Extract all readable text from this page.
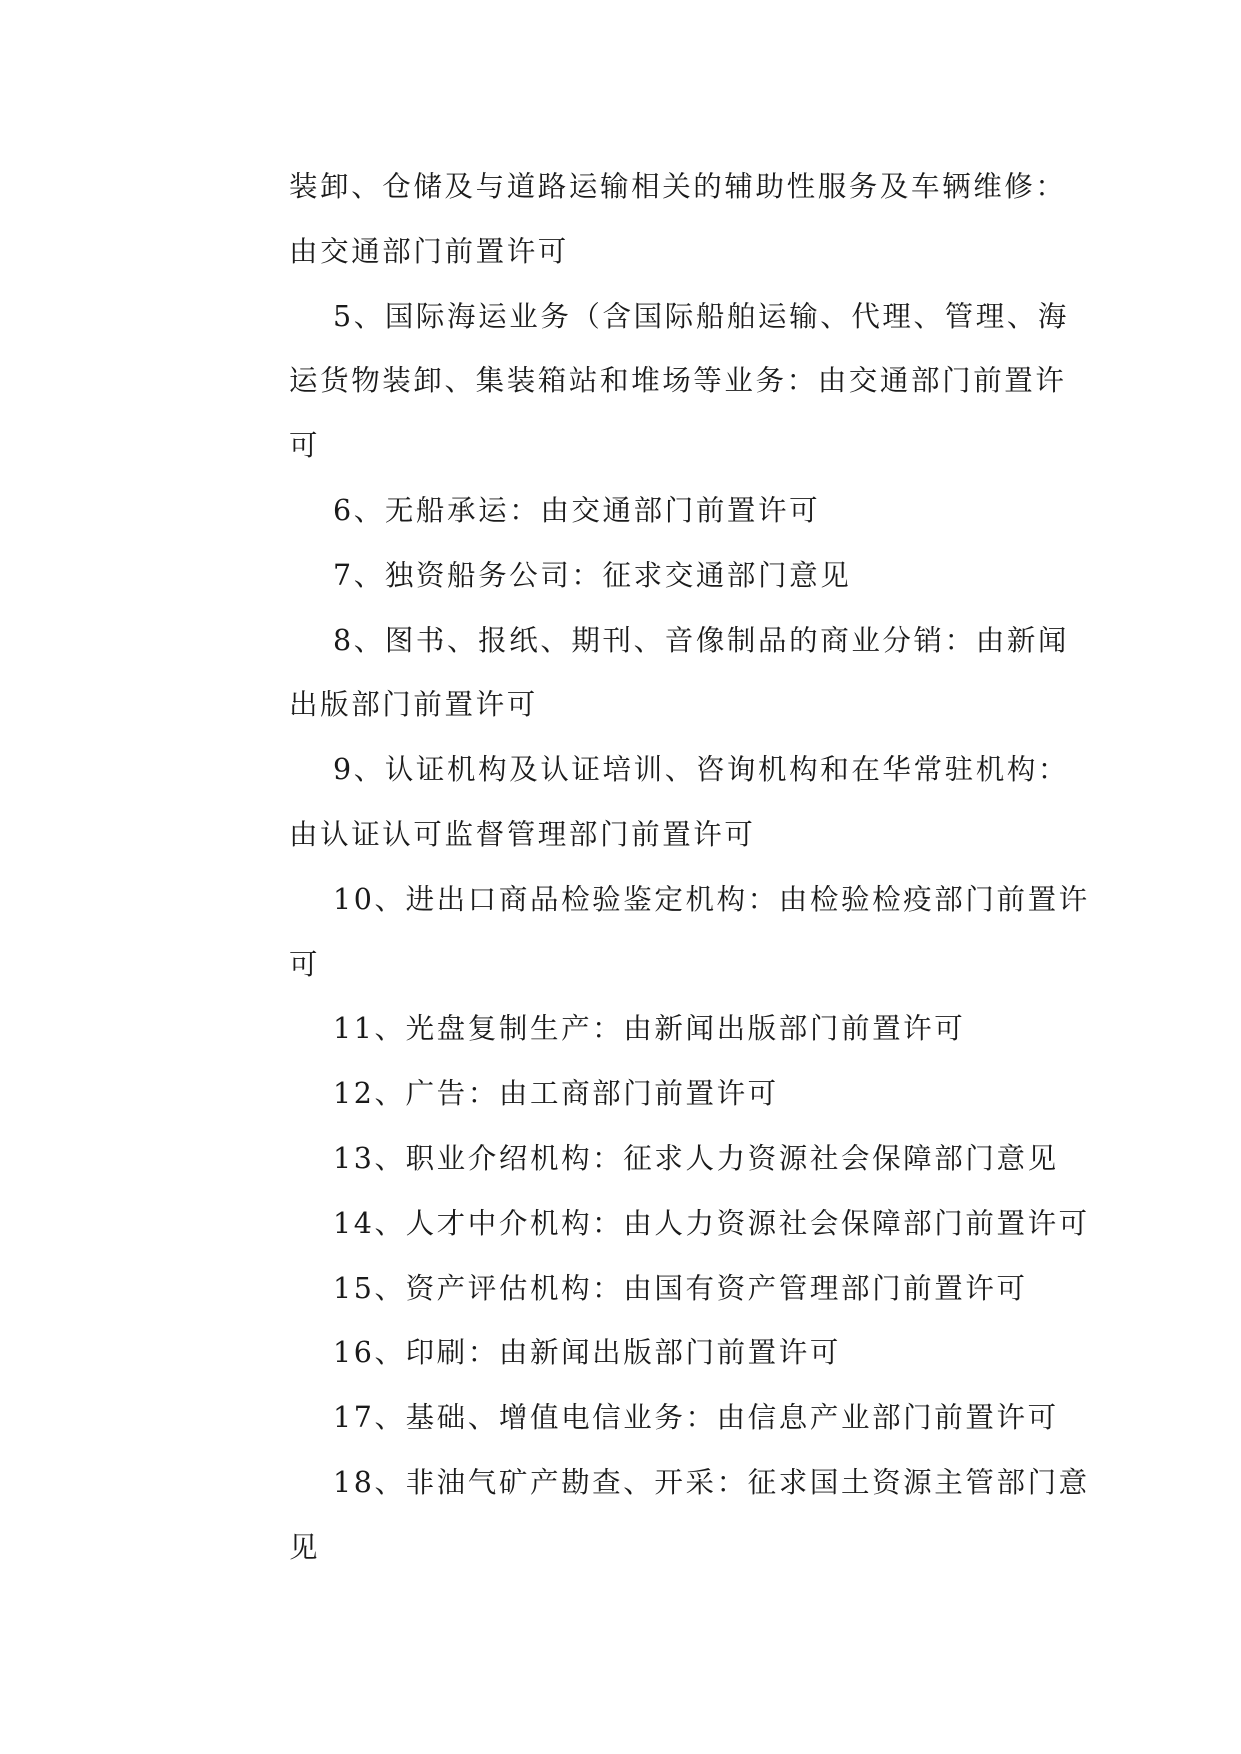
装卸、仓储及与道路运输相关的辅助性服务及车辆维修：
由交通部门前置许可

5、国际海运业务（含国际船舶运输、代理、管理、海
运货物装卸、集装箱站和堆场等业务：由交通部门前置许
可

6、无船承运：由交通部门前置许可

7、独资船务公司：征求交通部门意见

8、图书、报纸、期刊、音像制品的商业分销：由新闻
出版部门前置许可

9、认证机构及认证培训、咨询机构和在华常驻机构：
由认证认可监督管理部门前置许可

10、进出口商品检验鉴定机构：由检验检疫部门前置许
可

11、光盘复制生产：由新闻出版部门前置许可

12、广告：由工商部门前置许可

13、职业介绍机构：征求人力资源社会保障部门意见

14、人才中介机构：由人力资源社会保障部门前置许可

15、资产评估机构：由国有资产管理部门前置许可

16、印刷：由新闻出版部门前置许可

17、基础、增值电信业务：由信息产业部门前置许可

18、非油气矿产勘查、开采：征求国土资源主管部门意
见
